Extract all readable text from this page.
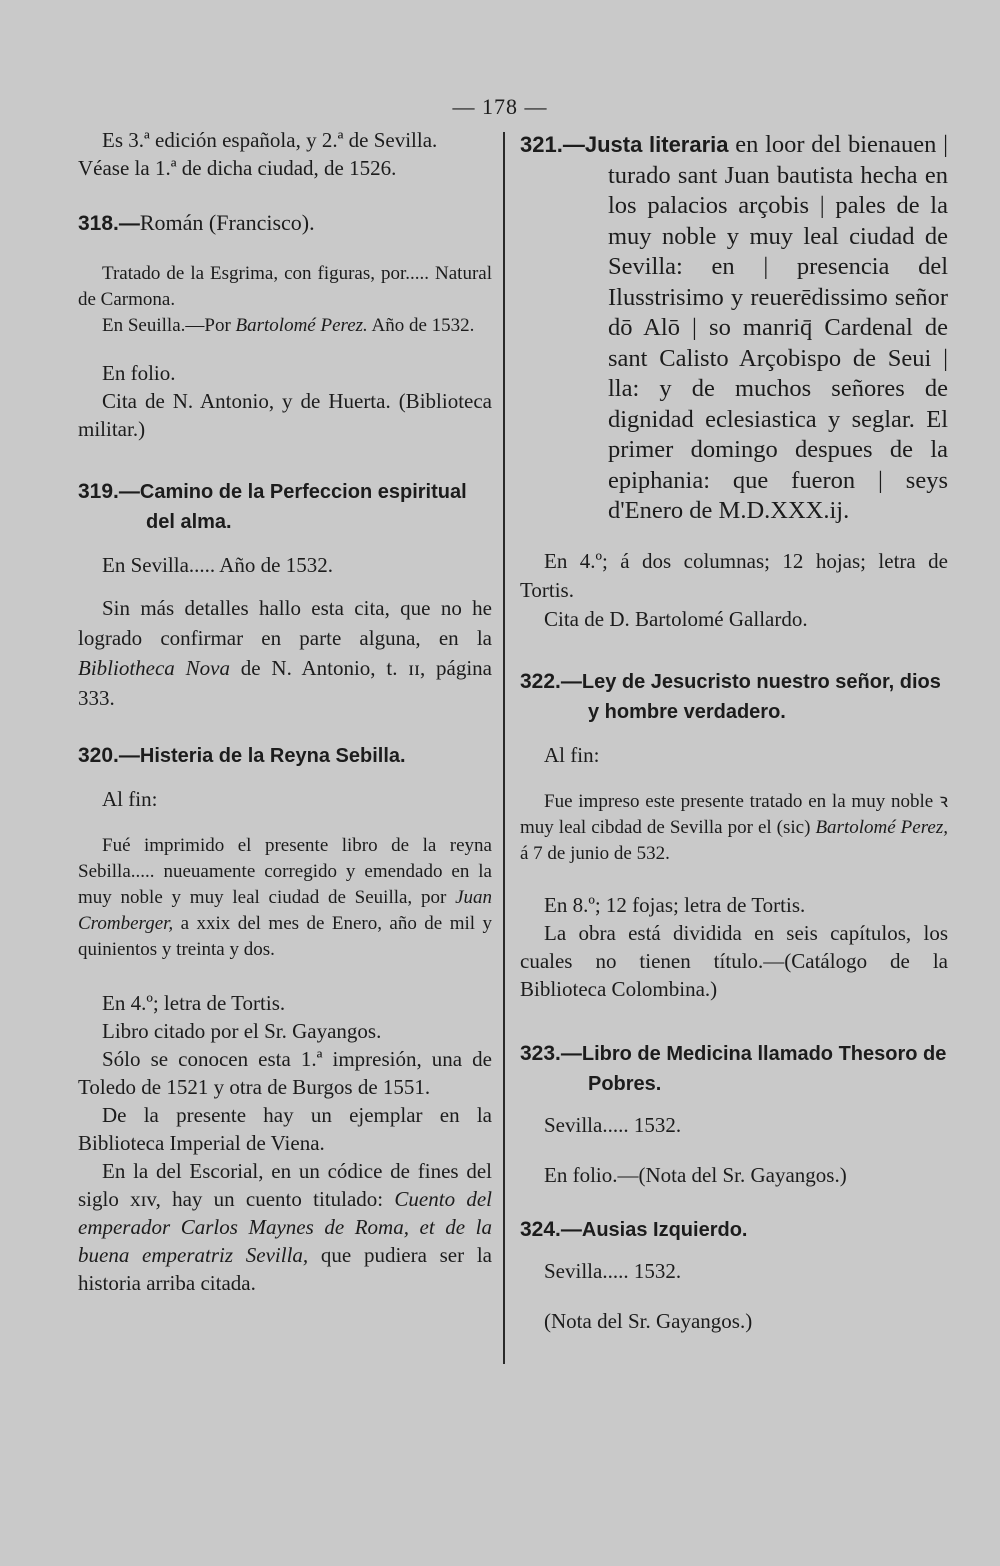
— 178 —

Es 3.ª edición española, y 2.ª de Sevilla.

Véase la 1.ª de dicha ciudad, de 1526.

318.—Román (Francisco).

Tratado de la Esgrima, con figuras, por..... Natural de Carmona.

En Seuilla.—Por Bartolomé Perez. Año de 1532.

En folio.

Cita de N. Antonio, y de Huerta. (Biblioteca militar.)

319.—Camino de la Perfeccion espiritual del alma.

En Sevilla..... Año de 1532.

Sin más detalles hallo esta cita, que no he logrado confirmar en parte alguna, en la Bibliotheca Nova de N. Antonio, t. ɪɪ, página 333.

320.—Histeria de la Reyna Sebilla.

Al fin:

Fué imprimido el presente libro de la reyna Sebilla..... nueuamente corregido y emendado en la muy noble y muy leal ciudad de Seuilla, por Juan Cromberger, a xxix del mes de Enero, año de mil y quinientos y treinta y dos.

En 4.º; letra de Tortis.

Libro citado por el Sr. Gayangos.

Sólo se conocen esta 1.ª impresión, una de Toledo de 1521 y otra de Burgos de 1551.

De la presente hay un ejemplar en la Biblioteca Imperial de Viena.

En la del Escorial, en un códice de fines del siglo xɪv, hay un cuento titulado: Cuento del emperador Carlos Maynes de Roma, et de la buena emperatriz Sevilla, que pudiera ser la historia arriba citada.

321.—Justa literaria en loor del bienauen | turado sant Juan bautista hecha en los palacios arçobis | pales de la muy noble y muy leal ciudad de Sevilla: en | presencia del Ilusstrisimo y reuerēdissimo señor dō Alō | so manriq̄ Cardenal de sant Calisto Arçobispo de Seui | lla: y de muchos señores de dignidad eclesiastica y seglar. El primer domingo despues de la epiphania: que fueron | seys d'Enero de M.D.XXX.ij.

En 4.º; á dos columnas; 12 hojas; letra de Tortis.

Cita de D. Bartolomé Gallardo.

322.—Ley de Jesucristo nuestro señor, dios y hombre verdadero.

Al fin:

Fue impreso este presente tratado en la muy noble ꝛ muy leal cibdad de Sevilla por el (sic) Bartolomé Perez, á 7 de junio de 532.

En 8.º; 12 fojas; letra de Tortis.

La obra está dividida en seis capítulos, los cuales no tienen título.—(Catálogo de la Biblioteca Colombina.)

323.—Libro de Medicina llamado Thesoro de Pobres.

Sevilla..... 1532.

En folio.—(Nota del Sr. Gayangos.)

324.—Ausias Izquierdo.

Sevilla..... 1532.

(Nota del Sr. Gayangos.)
